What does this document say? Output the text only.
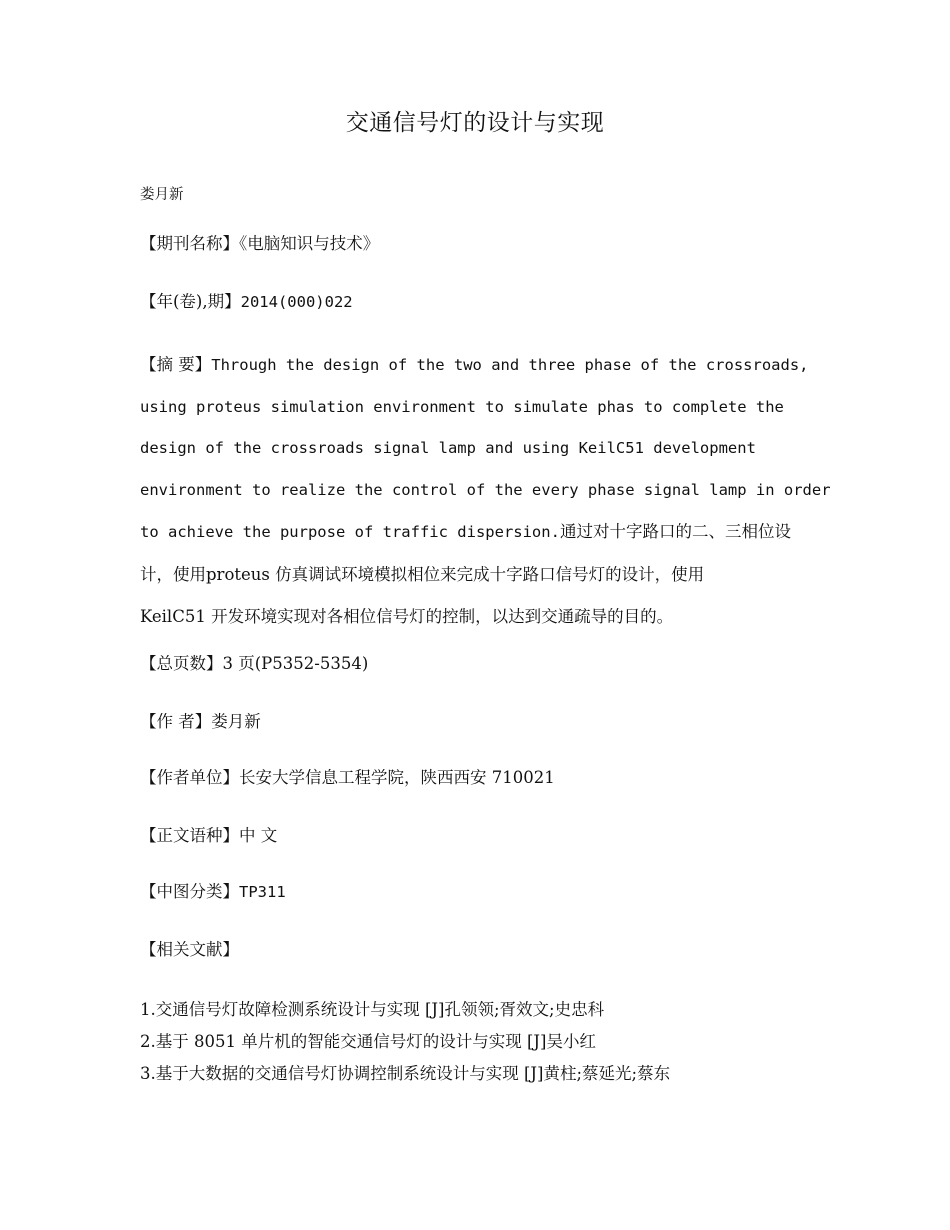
交通信号灯的设计与实现
娄月新
【期刊名称】《电脑知识与技术》
【年(卷),期】2014(000)022
【摘 要】Through the design of the two and three phase of the crossroads,
using proteus simulation environment to simulate phas to complete the
design of the crossroads signal lamp and using KeilC51 development
environment to realize the control of the every phase signal lamp in order
to achieve the purpose of traffic dispersion.通过对十字路口的二、三相位设
计，使用proteus 仿真调试环境模拟相位来完成十字路口信号灯的设计，使用
KeilC51 开发环境实现对各相位信号灯的控制，以达到交通疏导的目的。
【总页数】3 页(P5352-5354)
【作 者】娄月新
【作者单位】长安大学信息工程学院，陕西西安 710021
【正文语种】中 文
【中图分类】TP311
【相关文献】
1.交通信号灯故障检测系统设计与实现 [J]孔领领;胥效文;史忠科
2.基于 8051 单片机的智能交通信号灯的设计与实现 [J]吴小红
3.基于大数据的交通信号灯协调控制系统设计与实现 [J]黄柱;蔡延光;蔡东
